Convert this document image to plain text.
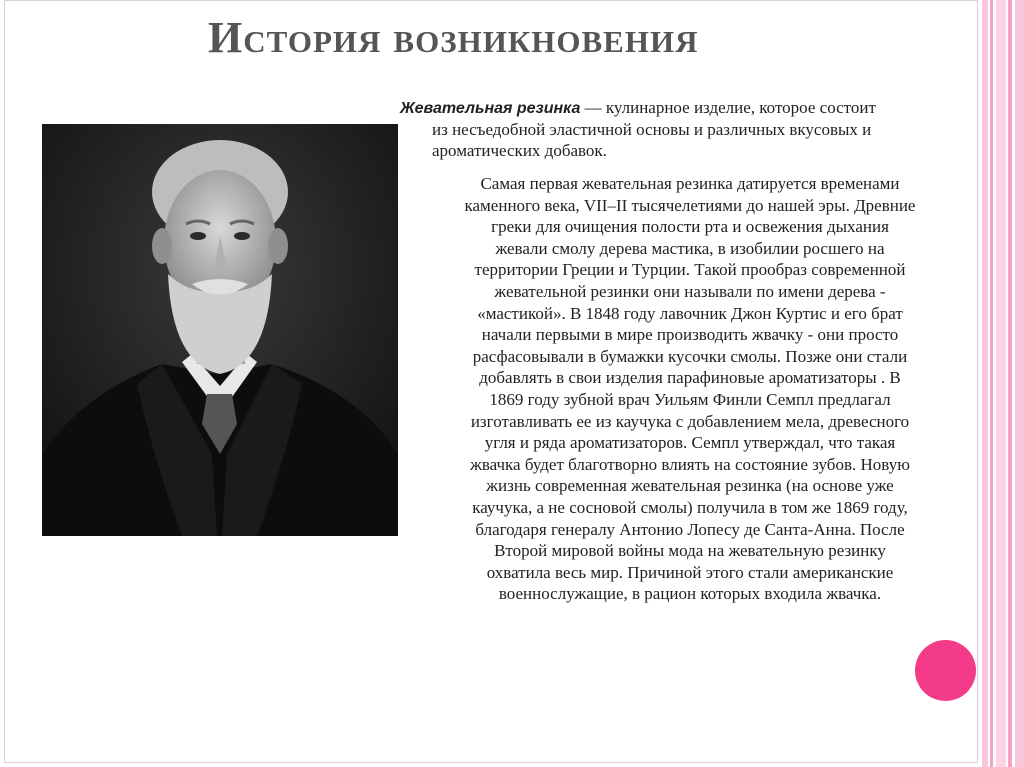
История возникновения
Жевательная резинка — кулинарное изделие, которое состоит
из несъедобной эластичной основы и различных вкусовых и
ароматических добавок.
Самая первая жевательная резинка датируется временами
каменного века, VII–II тысячелетиями до нашей эры. Древние
греки для очищения полости рта и освежения дыхания
жевали смолу дерева мастика, в изобилии росшего на
территории Греции и Турции. Такой прообраз современной
жевательной резинки они называли по имени дерева -
«мастикой». В 1848 году лавочник Джон Куртис и его брат
начали первыми в мире производить жвачку - они просто
расфасовывали в бумажки кусочки смолы. Позже они стали
добавлять в свои изделия парафиновые ароматизаторы . В
1869 году зубной врач Уильям Финли Семпл предлагал
изготавливать ее из каучука с добавлением мела, древесного
угля и ряда ароматизаторов. Семпл утверждал, что такая
жвачка будет благотворно влиять на состояние зубов. Новую
жизнь современная жевательная резинка (на основе уже
каучука, а не сосновой смолы) получила в том же 1869 году,
благодаря генералу Антонио Лопесу де Санта-Анна. После
Второй мировой войны мода на жевательную резинку
охватила весь мир. Причиной этого стали американские
военнослужащие, в рацион которых входила жвачка.
